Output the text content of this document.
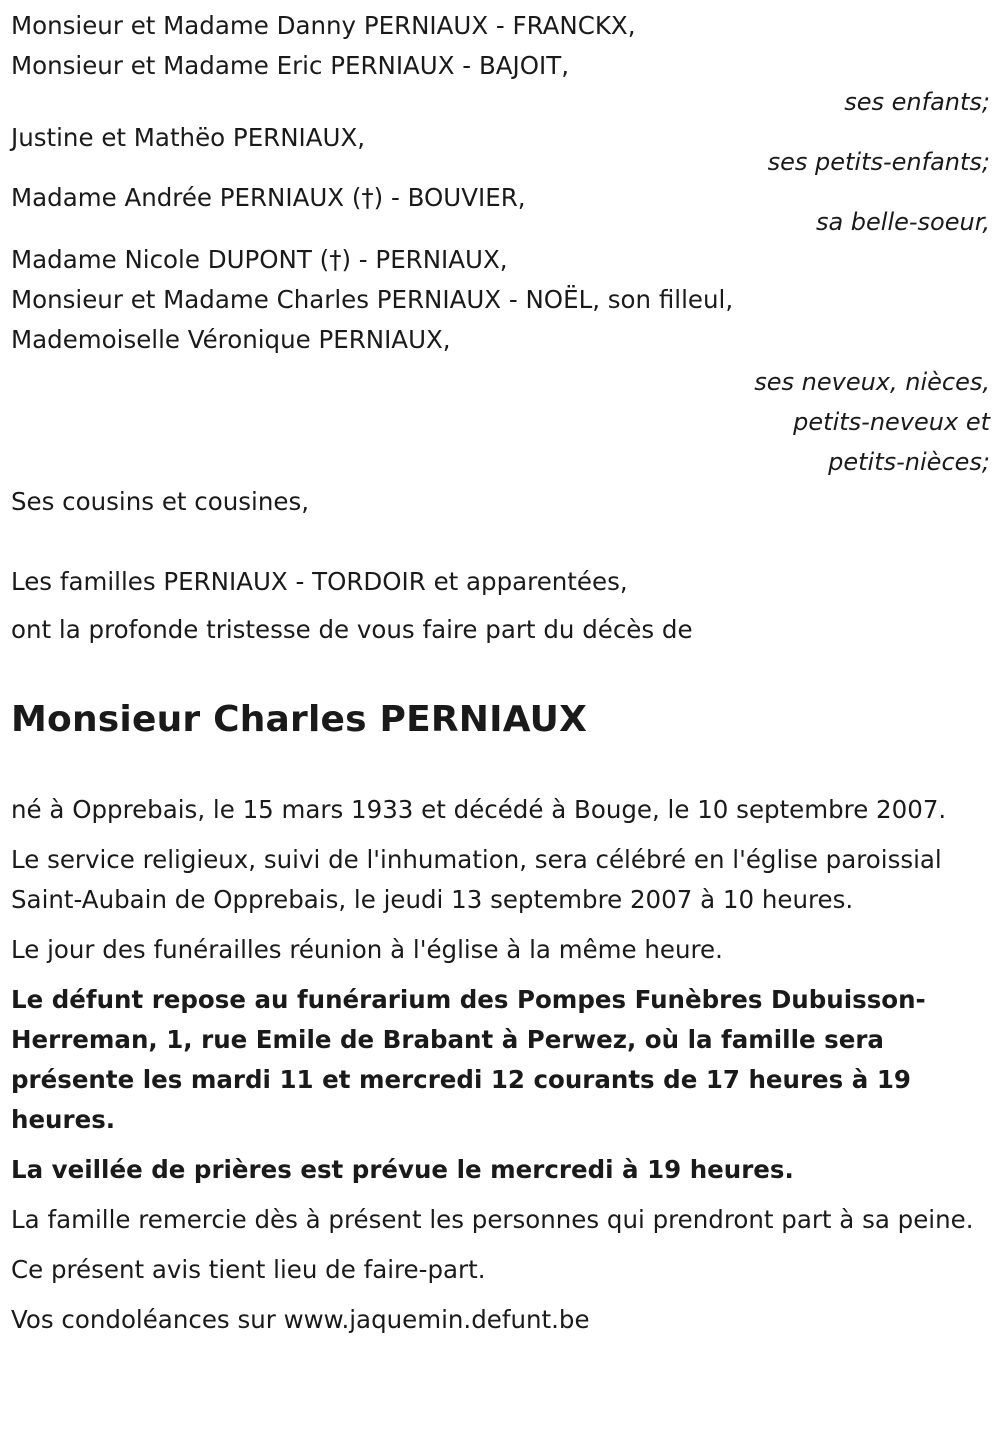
Monsieur et Madame Danny PERNIAUX - FRANCKX,

Monsieur et Madame Eric PERNIAUX - BAJOIT,

ses enfants;

Justine et Mathëo PERNIAUX,

ses petits-enfants;

Madame Andrée PERNIAUX (†) - BOUVIER,

sa belle-soeur,

Madame Nicole DUPONT (†) - PERNIAUX,

Monsieur et Madame Charles PERNIAUX - NOËL, son filleul,

Mademoiselle Véronique PERNIAUX,

ses neveux, nièces,

petits-neveux et

petits-nièces;

Ses cousins et cousines,

Les familles PERNIAUX - TORDOIR et apparentées,

ont la profonde tristesse de vous faire part du décès de

Monsieur Charles PERNIAUX

né à Opprebais, le 15 mars 1933 et décédé à Bouge, le 10 septembre 2007.

Le service religieux, suivi de l'inhumation, sera célébré en l'église paroissial Saint-Aubain de Opprebais, le jeudi 13 septembre 2007 à 10 heures.

Le jour des funérailles réunion à l'église à la même heure.

Le défunt repose au funérarium des Pompes Funèbres Dubuisson-Herreman, 1, rue Emile de Brabant à Perwez, où la famille sera présente les mardi 11 et mercredi 12 courants de 17 heures à 19 heures.

La veillée de prières est prévue le mercredi à 19 heures.

La famille remercie dès à présent les personnes qui prendront part à sa peine.

Ce présent avis tient lieu de faire-part.

Vos condoléances sur www.jaquemin.defunt.be
